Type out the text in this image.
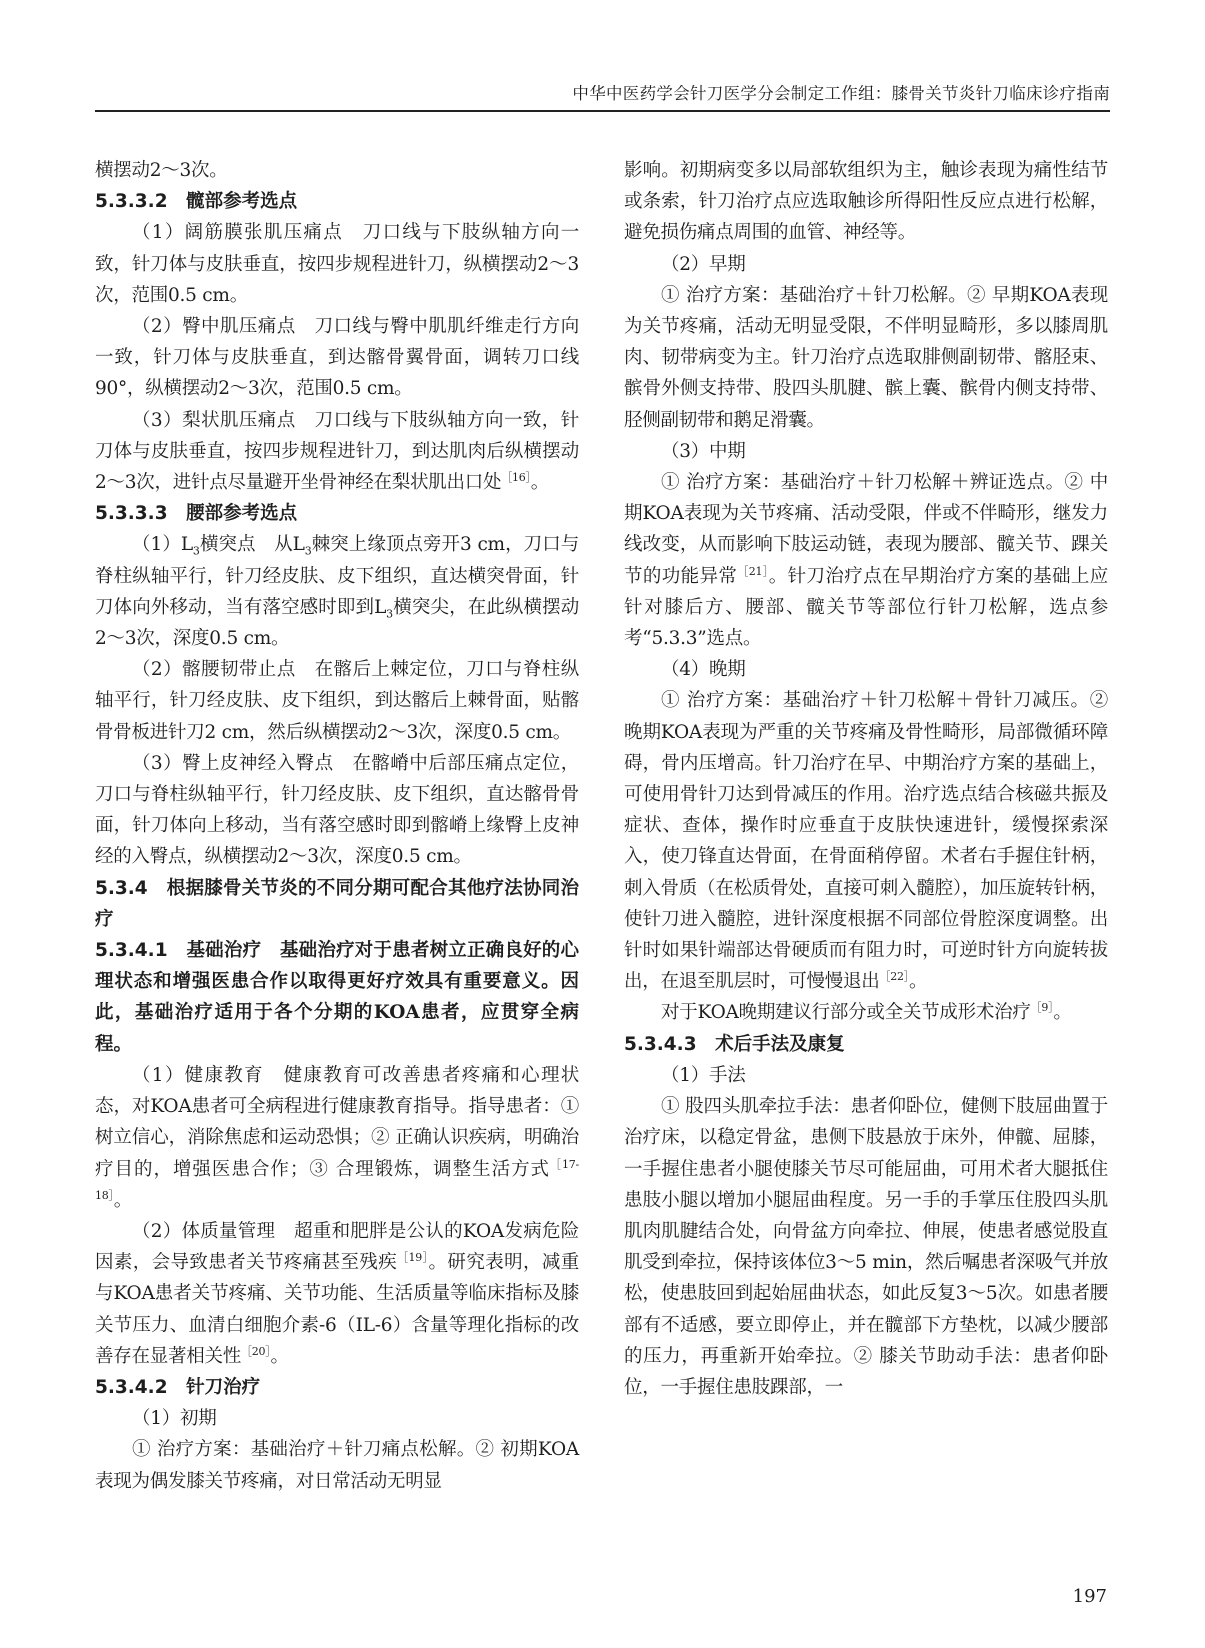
中华中医药学会针刀医学分会制定工作组：膝骨关节炎针刀临床诊疗指南

横摆动2～3次。

5.3.3.2　 髋部参考选点

（1）阔筋膜张肌压痛点　刀口线与下肢纵轴方向一致，针刀体与皮肤垂直，按四步规程进针刀，纵横摆动2～3次，范围0.5 cm。

（2）臀中肌压痛点　刀口线与臀中肌肌纤维走行方向一致，针刀体与皮肤垂直，到达髂骨翼骨面，调转刀口线90°，纵横摆动2～3次，范围0.5 cm。

（3）梨状肌压痛点　刀口线与下肢纵轴方向一致，针刀体与皮肤垂直，按四步规程进针刀，到达肌肉后纵横摆动2～3次，进针点尽量避开坐骨神经在梨状肌出口处$^{[16]}$。

5.3.3.3　 腰部参考选点

$(1)L_3$横突点　从$L_3$棘突上缘顶点旁开3 cm，刀口与脊柱纵轴平行，针刀经皮肤、皮下组织，直达横突骨面，针刀体向外移动，当有落空感时即到$L_3$横突尖，在此纵横摆动2～3次，深度0.5 cm。

（2）髂腰韧带止点　在髂后上棘定位，刀口与脊柱纵轴平行，针刀经皮肤、皮下组织，到达髂后上棘骨面，贴髂骨骨板进针刀2 cm，然后纵横摆动2～3次，深度0.5 cm。

（3）臀上皮神经入臀点　在髂嵴中后部压痛点定位，刀口与脊柱纵轴平行，针刀经皮肤、皮下组织，直达髂骨骨面，针刀体向上移动，当有落空感时即到髂嵴上缘臀上皮神经的入臀点，纵横摆动2～3次，深度0.5 cm。

5.3.4　 根据膝骨关节炎的不同分期可配合其他疗法协同治疗

5.3.4.1　 基础治疗　基础治疗对于患者树立正确良好的心理状态和增强医患合作以取得更好疗效具有重要意义。因此，基础治疗适用于各个分期的KOA患者，应贯穿全病程。

（1）健康教育　健康教育可改善患者疼痛和心理状态，对KOA患者可全病程进行健康教育指导。指导患者：① 树立信心，消除焦虑和运动恐惧；② 正确认识疾病，明确治疗目的，增强医患合作；③ 合理锻炼，调整生活方式$^{[17-18]}$。

（2）体质量管理　超重和肥胖是公认的KOA发病危险因素，会导致患者关节疼痛甚至残疾$^{[19]}$。研究表明，减重与KOA患者关节疼痛、关节功能、生活质量等临床指标及膝关节压力、血清白细胞介素-6（IL-6）含量等理化指标的改善存在显著相关性$^{[20]}$。

5.3.4.2　 针刀治疗

（1）初期

① 治疗方案：基础治疗＋针刀痛点松解。② 初期KOA表现为偶发膝关节疼痛，对日常活动无明显

影响。初期病变多以局部软组织为主，触诊表现为痛性结节或条索，针刀治疗点应选取触诊所得阳性反应点进行松解，避免损伤痛点周围的血管、神经等。

（2）早期

① 治疗方案：基础治疗＋针刀松解。② 早期KOA表现为关节疼痛，活动无明显受限，不伴明显畸形，多以膝周肌肉、韧带病变为主。针刀治疗点选取腓侧副韧带、髂胫束、髌骨外侧支持带、股四头肌腱、髌上囊、髌骨内侧支持带、胫侧副韧带和鹅足滑囊。

（3）中期

① 治疗方案：基础治疗＋针刀松解＋辨证选点。② 中期KOA表现为关节疼痛、活动受限，伴或不伴畸形，继发力线改变，从而影响下肢运动链，表现为腰部、髋关节、踝关节的功能异常$^{[21]}$。针刀治疗点在早期治疗方案的基础上应针对膝后方、腰部、髋关节等部位行针刀松解，选点参考“5.3.3”选点。

（4）晚期

① 治疗方案：基础治疗＋针刀松解＋骨针刀减压。② 晚期KOA表现为严重的关节疼痛及骨性畸形，局部微循环障碍，骨内压增高。针刀治疗在早、中期治疗方案的基础上，可使用骨针刀达到骨减压的作用。治疗选点结合核磁共振及症状、查体，操作时应垂直于皮肤快速进针，缓慢探索深入，使刀锋直达骨面，在骨面稍停留。术者右手握住针柄，刺入骨质（在松质骨处，直接可刺入髓腔），加压旋转针柄，使针刀进入髓腔，进针深度根据不同部位骨腔深度调整。出针时如果针端部达骨硬质而有阻力时，可逆时针方向旋转拔出，在退至肌层时，可慢慢退出$^{[22]}$。

对于KOA晚期建议行部分或全关节成形术治疗$^{[9]}$。

5.3.4.3　 术后手法及康复

（1）手法

① 股四头肌牵拉手法：患者仰卧位，健侧下肢屈曲置于治疗床，以稳定骨盆，患侧下肢悬放于床外，伸髋、屈膝，一手握住患者小腿使膝关节尽可能屈曲，可用术者大腿抵住患肢小腿以增加小腿屈曲程度。另一手的手掌压住股四头肌肌肉肌腱结合处，向骨盆方向牵拉、伸展，使患者感觉股直肌受到牵拉，保持该体位3～5 min，然后嘱患者深吸气并放松，使患肢回到起始屈曲状态，如此反复3～5次。如患者腰部有不适感，要立即停止，并在髋部下方垫枕，以减少腰部的压力，再重新开始牵拉。② 膝关节助动手法：患者仰卧位，一手握住患肢踝部，一

197
